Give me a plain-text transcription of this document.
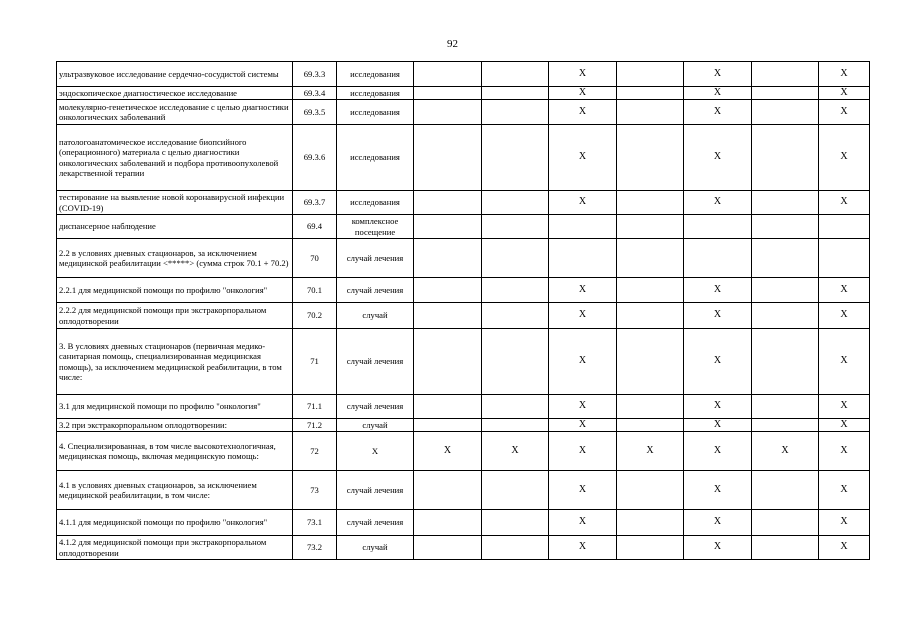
92
ультразвуковое исследование сердечно-сосудистой системы	69.3.3	исследования			X		X		X
эндоскопическое диагностическое исследование	69.3.4	исследования			X		X		X
молекулярно-генетическое исследование с целью диагностики онкологических заболеваний	69.3.5	исследования			X		X		X
патологоанатомическое исследование биопсийного (операционного) материала с целью диагностики онкологических заболеваний и подбора противоопухолевой лекарственной терапии	69.3.6	исследования			X		X		X
тестирование на выявление новой коронавирусной инфекции (COVID-19)	69.3.7	исследования			X		X		X
диспансерное наблюдение	69.4	комплексное посещение							
2.2 в условиях дневных стационаров, за исключением медицинской реабилитации <*****> (сумма строк 70.1 + 70.2)	70	случай лечения							
2.2.1 для медицинской помощи по профилю "онкология"	70.1	случай лечения			X		X		X
2.2.2 для медицинской помощи при экстракорпоральном оплодотворении	70.2	случай			X		X		X
3. В условиях дневных стационаров (первичная медико-санитарная помощь, специализированная медицинская помощь), за исключением медицинской реабилитации, в том числе:	71	случай лечения			X		X		X
3.1 для медицинской помощи по профилю "онкология"	71.1	случай лечения			X		X		X
3.2 при экстракорпоральном оплодотворении:	71.2	случай			X		X		X
4. Специализированная, в том числе высокотехнологичная, медицинская помощь, включая медицинскую помощь:	72	X	X	X	X	X	X	X	X
4.1 в условиях дневных стационаров, за исключением медицинской реабилитации, в том числе:	73	случай лечения			X		X		X
4.1.1 для медицинской помощи по профилю "онкология"	73.1	случай лечения			X		X		X
4.1.2 для медицинской помощи при экстракорпоральном оплодотворении	73.2	случай			X		X		X
